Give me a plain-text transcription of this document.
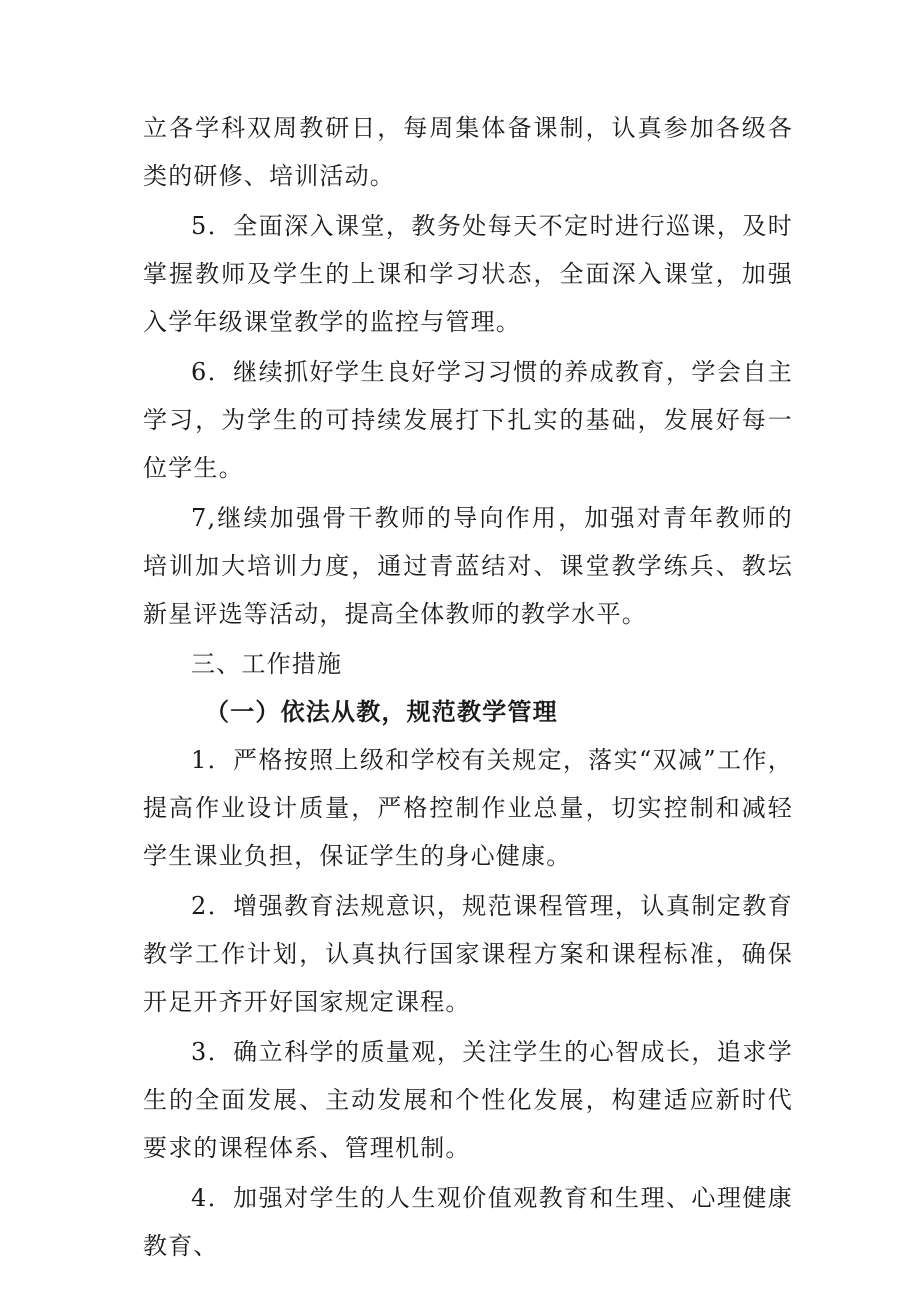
立各学科双周教研日，每周集体备课制，认真参加各级各类的研修、培训活动。

5．全面深入课堂，教务处每天不定时进行巡课，及时掌握教师及学生的上课和学习状态，全面深入课堂，加强入学年级课堂教学的监控与管理。

6．继续抓好学生良好学习习惯的养成教育，学会自主学习，为学生的可持续发展打下扎实的基础，发展好每一位学生。

7,继续加强骨干教师的导向作用，加强对青年教师的培训加大培训力度，通过青蓝结对、课堂教学练兵、教坛新星评选等活动，提高全体教师的教学水平。

三、工作措施

（一）依法从教，规范教学管理

1．严格按照上级和学校有关规定，落实“双减”工作，提高作业设计质量，严格控制作业总量，切实控制和减轻学生课业负担，保证学生的身心健康。

2．增强教育法规意识，规范课程管理，认真制定教育教学工作计划，认真执行国家课程方案和课程标准，确保开足开齐开好国家规定课程。

3．确立科学的质量观，关注学生的心智成长，追求学生的全面发展、主动发展和个性化发展，构建适应新时代要求的课程体系、管理机制。

4．加强对学生的人生观价值观教育和生理、心理健康教育、
